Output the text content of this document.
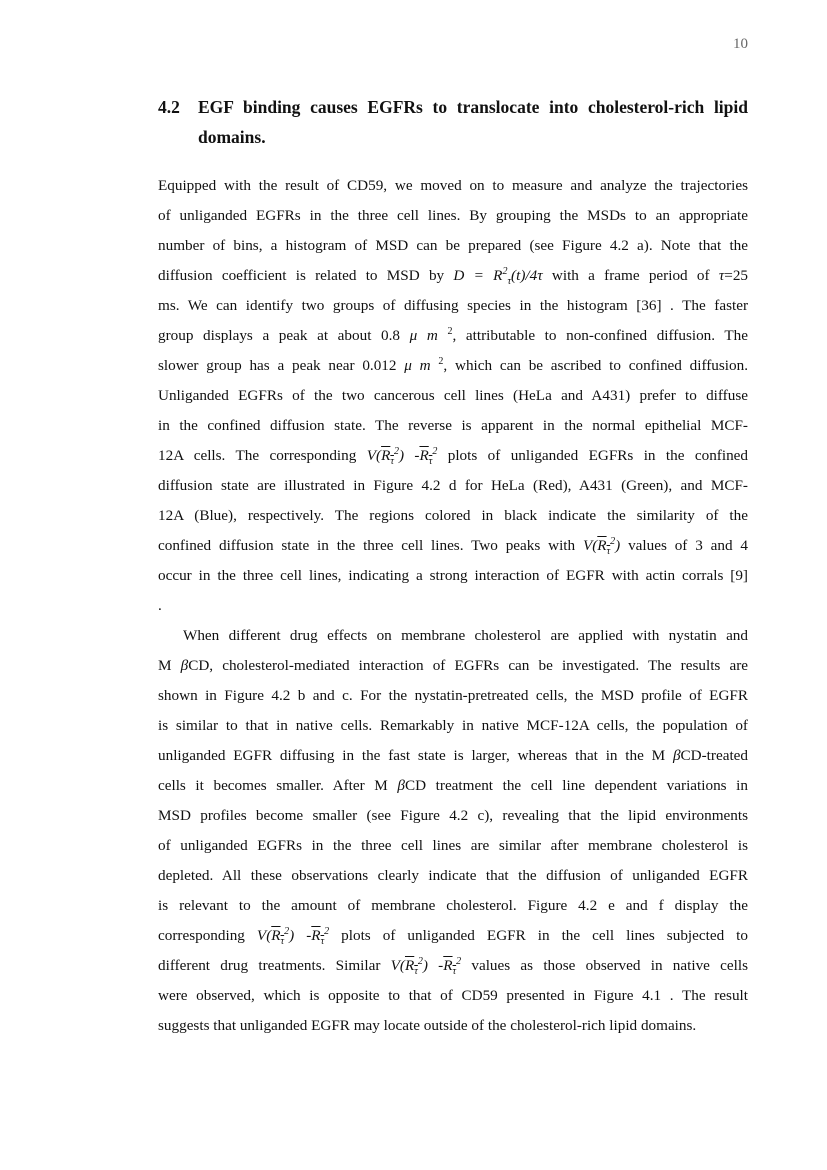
10
4.2 EGF binding causes EGFRs to translocate into cholesterol-rich lipid domains.
Equipped with the result of CD59, we moved on to measure and analyze the trajectories
of unliganded EGFRs in the three cell lines. By grouping the MSDs to an appropriate
number of bins, a histogram of MSD can be prepared (see Figure 4.2 a). Note that the
diffusion coefficient is related to MSD by $D = R^2_\tau(t)/4\tau$ with a frame period of τ=25
ms. We can identify two groups of diffusing species in the histogram [36] . The faster
group displays a peak at about 0.8 μ m $^2$, attributable to non-confined diffusion. The
slower group has a peak near 0.012 μ m $^2$, which can be ascribed to confined diffusion.
Unliganded EGFRs of the two cancerous cell lines (HeLa and A431) prefer to diffuse
in the confined diffusion state. The reverse is apparent in the normal epithelial MCF-
12A cells. The corresponding $V(R_\tau^2)$ $-R_\tau^2$ plots of unliganded EGFRs in the confined
diffusion state are illustrated in Figure 4.2 d for HeLa (Red), A431 (Green), and MCF-
12A (Blue), respectively. The regions colored in black indicate the similarity of the
confined diffusion state in the three cell lines. Two peaks with $V(R_\tau^2)$ values of 3 and 4
occur in the three cell lines, indicating a strong interaction of EGFR with actin corrals [9]
.
When different drug effects on membrane cholesterol are applied with nystatin and
M βCD, cholesterol-mediated interaction of EGFRs can be investigated. The results are
shown in Figure 4.2 b and c. For the nystatin-pretreated cells, the MSD profile of EGFR
is similar to that in native cells. Remarkably in native MCF-12A cells, the population of
unliganded EGFR diffusing in the fast state is larger, whereas that in the M βCD-treated
cells it becomes smaller. After M βCD treatment the cell line dependent variations in
MSD profiles become smaller (see Figure 4.2 c), revealing that the lipid environments
of unliganded EGFRs in the three cell lines are similar after membrane cholesterol is
depleted. All these observations clearly indicate that the diffusion of unliganded EGFR
is relevant to the amount of membrane cholesterol. Figure 4.2 e and f display the
corresponding $V(R_\tau^2)$ $-R_\tau^2$ plots of unliganded EGFR in the cell lines subjected to
different drug treatments. Similar $V(R_\tau^2)$ $-R_\tau^2$ values as those observed in native cells
were observed, which is opposite to that of CD59 presented in Figure 4.1 . The result
suggests that unliganded EGFR may locate outside of the cholesterol-rich lipid domains.
